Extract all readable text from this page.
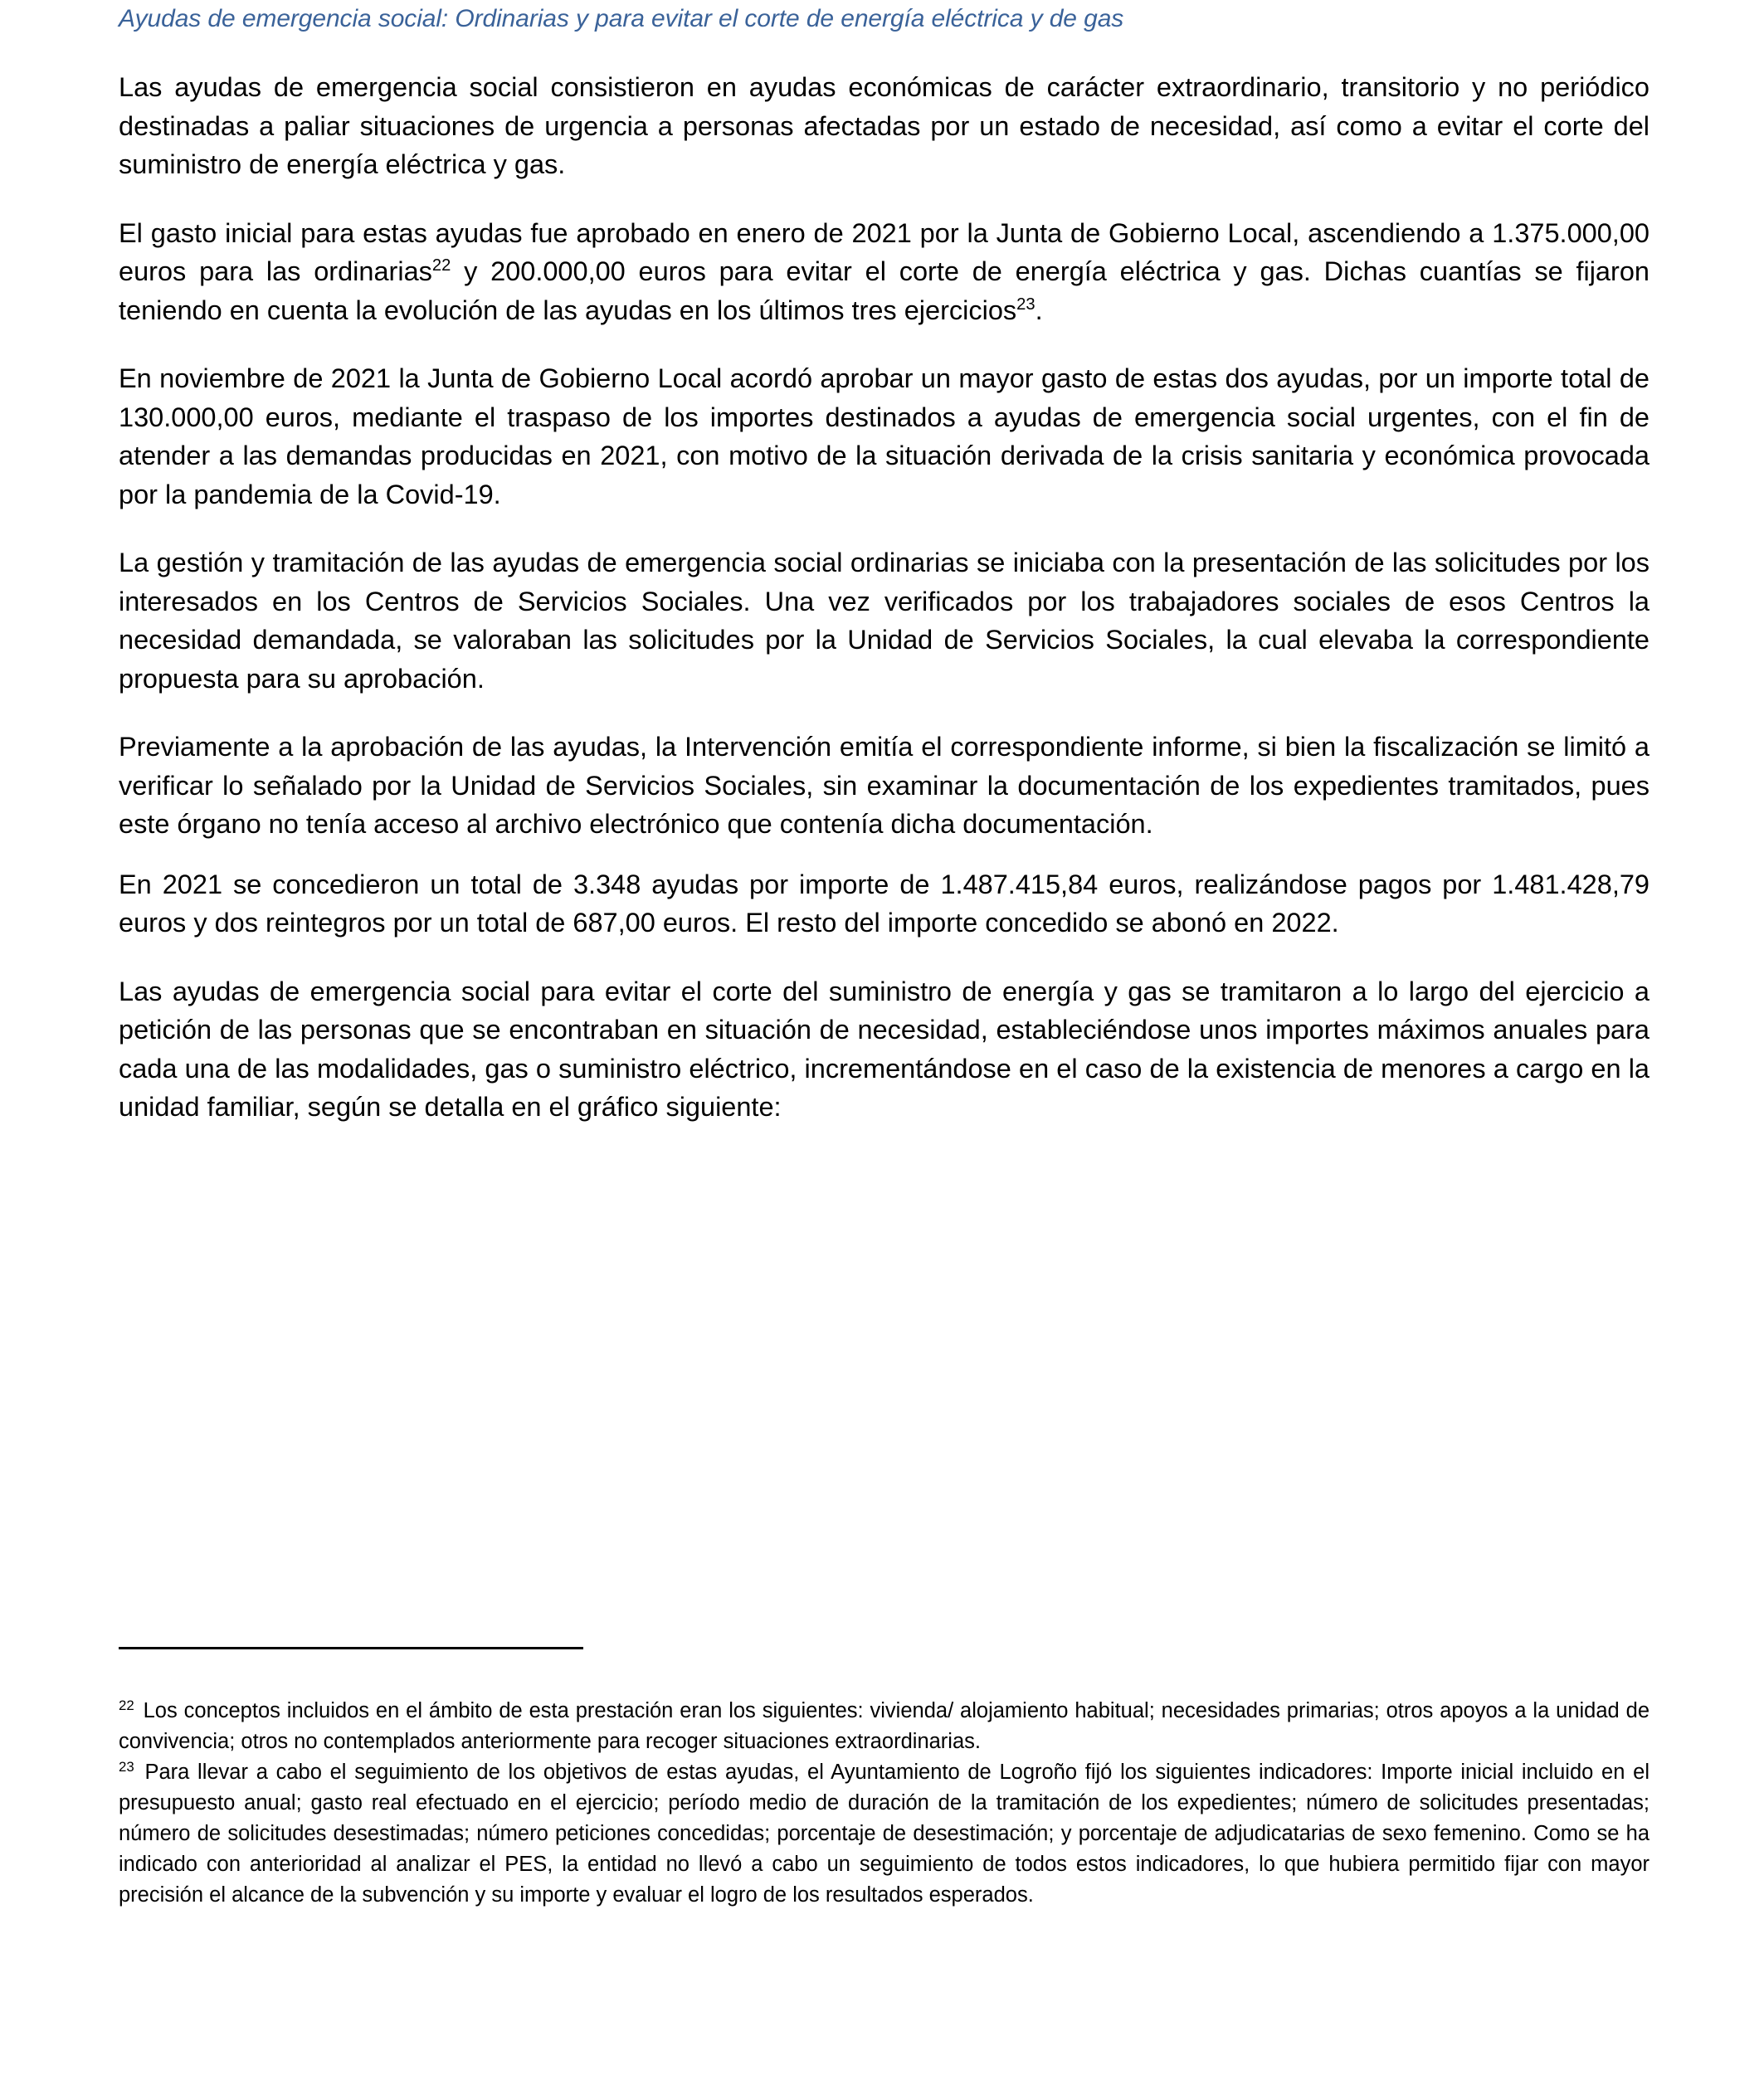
Ayudas de emergencia social: Ordinarias y para evitar el corte de energía eléctrica y de gas

Las ayudas de emergencia social consistieron en ayudas económicas de carácter extraordinario, transitorio y no periódico destinadas a paliar situaciones de urgencia a personas afectadas por un estado de necesidad, así como a evitar el corte del suministro de energía eléctrica y gas.

El gasto inicial para estas ayudas fue aprobado en enero de 2021 por la Junta de Gobierno Local, ascendiendo a 1.375.000,00 euros para las ordinarias$^{22}$ y 200.000,00 euros para evitar el corte de energía eléctrica y gas. Dichas cuantías se fijaron teniendo en cuenta la evolución de las ayudas en los últimos tres ejercicios$^{23}$.

En noviembre de 2021 la Junta de Gobierno Local acordó aprobar un mayor gasto de estas dos ayudas, por un importe total de 130.000,00 euros, mediante el traspaso de los importes destinados a ayudas de emergencia social urgentes, con el fin de atender a las demandas producidas en 2021, con motivo de la situación derivada de la crisis sanitaria y económica provocada por la pandemia de la Covid-19.

La gestión y tramitación de las ayudas de emergencia social ordinarias se iniciaba con la presentación de las solicitudes por los interesados en los Centros de Servicios Sociales. Una vez verificados por los trabajadores sociales de esos Centros la necesidad demandada, se valoraban las solicitudes por la Unidad de Servicios Sociales, la cual elevaba la correspondiente propuesta para su aprobación.

Previamente a la aprobación de las ayudas, la Intervención emitía el correspondiente informe, si bien la fiscalización se limitó a verificar lo señalado por la Unidad de Servicios Sociales, sin examinar la documentación de los expedientes tramitados, pues este órgano no tenía acceso al archivo electrónico que contenía dicha documentación.

En 2021 se concedieron un total de 3.348 ayudas por importe de 1.487.415,84 euros, realizándose pagos por 1.481.428,79 euros y dos reintegros por un total de 687,00 euros. El resto del importe concedido se abonó en 2022.

Las ayudas de emergencia social para evitar el corte del suministro de energía y gas se tramitaron a lo largo del ejercicio a petición de las personas que se encontraban en situación de necesidad, estableciéndose unos importes máximos anuales para cada una de las modalidades, gas o suministro eléctrico, incrementándose en el caso de la existencia de menores a cargo en la unidad familiar, según se detalla en el gráfico siguiente:

$^{22}$ Los conceptos incluidos en el ámbito de esta prestación eran los siguientes: vivienda/ alojamiento habitual; necesidades primarias; otros apoyos a la unidad de convivencia; otros no contemplados anteriormente para recoger situaciones extraordinarias.

$^{23}$ Para llevar a cabo el seguimiento de los objetivos de estas ayudas, el Ayuntamiento de Logroño fijó los siguientes indicadores: Importe inicial incluido en el presupuesto anual; gasto real efectuado en el ejercicio; período medio de duración de la tramitación de los expedientes; número de solicitudes presentadas; número de solicitudes desestimadas; número peticiones concedidas; porcentaje de desestimación; y porcentaje de adjudicatarias de sexo femenino. Como se ha indicado con anterioridad al analizar el PES, la entidad no llevó a cabo un seguimiento de todos estos indicadores, lo que hubiera permitido fijar con mayor precisión el alcance de la subvención y su importe y evaluar el logro de los resultados esperados.
